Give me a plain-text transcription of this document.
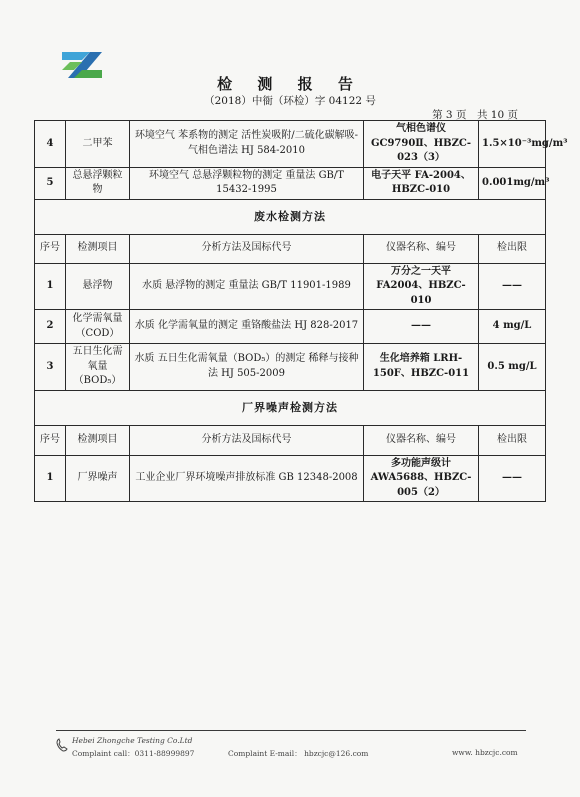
检 测 报 告
（2018）中衙（环检）字 04122 号
第 3 页　共 10 页
4	二甲苯	环境空气 苯系物的测定 活性炭吸附/二硫化碳解吸-气相色谱法 HJ 584-2010	气相色谱仪 GC9790Ⅱ、HBZC-023（3）	1.5×10⁻³mg/m³
5	总悬浮颗粒物	环境空气 总悬浮颗粒物的测定 重量法 GB/T 15432-1995	电子天平 FA-2004、HBZC-010	0.001mg/m³
废水检测方法				
序号	检测项目	分析方法及国标代号	仪器名称、编号	检出限
1	悬浮物	水质 悬浮物的测定 重量法 GB/T 11901-1989	万分之一天平 FA2004、HBZC-010	——
2	化学需氧量（COD）	水质 化学需氧量的测定 重铬酸盐法 HJ 828-2017	——	4 mg/L
3	五日生化需氧量（BOD₅）	水质 五日生化需氧量（BOD₅）的测定 稀释与接种法 HJ 505-2009	生化培养箱 LRH-150F、HBZC-011	0.5 mg/L
厂界噪声检测方法				
序号	检测项目	分析方法及国标代号	仪器名称、编号	检出限
1	厂界噪声	工业企业厂界环境噪声排放标准 GB 12348-2008	多功能声级计 AWA5688、HBZC-005（2）	——
Hebei Zhongche Testing Co.Ltd
Complaint call：0311-88999897	Complaint E-mail： hbzcjc@126.com	www. hbzcjc.com
